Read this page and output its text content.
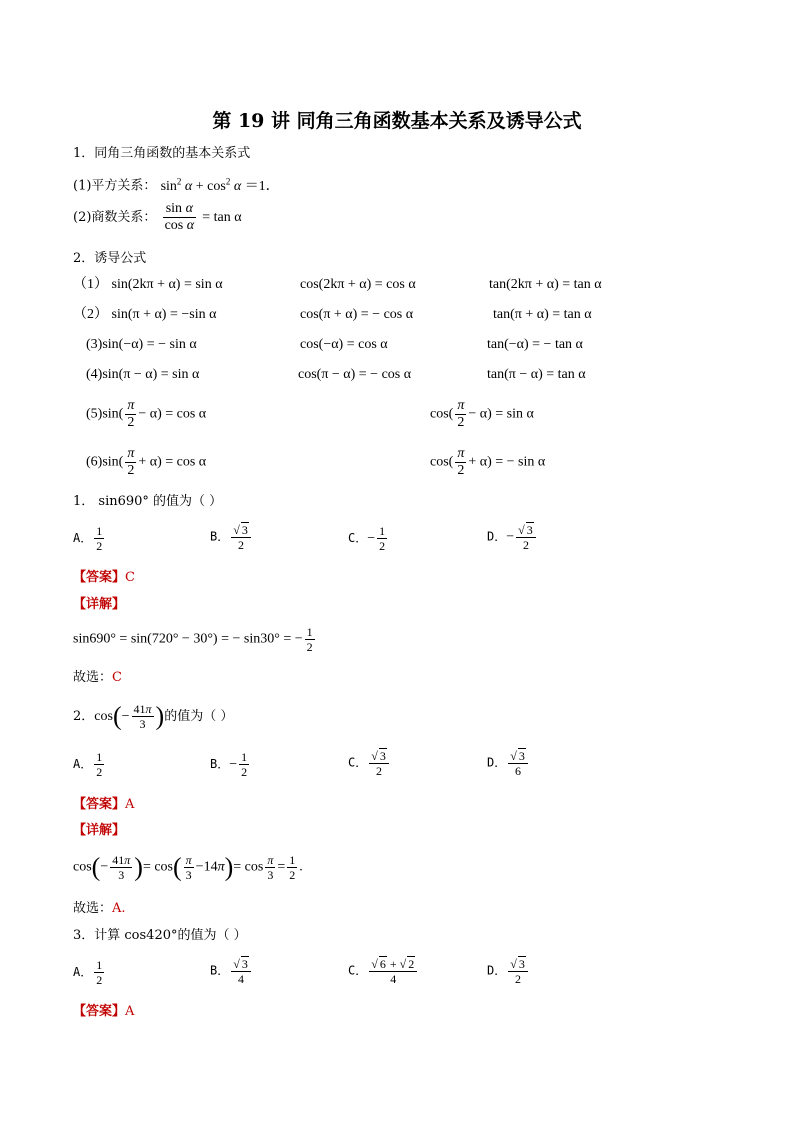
第 19 讲 同角三角函数基本关系及诱导公式
1．同角三角函数的基本关系式
(1)平方关系： $\sin^2 \alpha + \cos^2 \alpha =1$．
(2)商数关系： $\frac{\text{sin α}}{\text{cos α}} = \tan \alpha$
2．诱导公式
（1） sin(2kπ + α) = sin α	cos(2kπ + α) = cos α	tan(2kπ + α) = tan α
（2） sin(π + α) = −sin α	cos(π + α) = − cos α	tan(π + α) = tan α
(3)sin(−α) = − sin α	cos(−α) = cos α	tan(−α) = − tan α
(4)sin(π − α) = sin α	cos(π − α) = − cos α	tan(π − α) = tan α
$(5)\sin( \frac{\pi}{2} - \alpha) = \cos \alpha$	$\cos( \frac{\pi}{2} - \alpha) = \sin \alpha$
$(6)\sin( \frac{\pi}{2} + \alpha) = \cos \alpha$	$\cos( \frac{\pi}{2} + \alpha)$ = − sin α
1． sin690° 的值为（ ）
A． $\frac{1}{2}$	B． $\frac{√ 3}{2}$	C．− $\frac{1}{2}$	D．− $\frac{√ 3}{2}$
【答案】C
【详解】
sin690° = sin(720° − 30°) = − sin30° = − $\frac{1}{2}$
故选：C
2．$\cos(- \frac{41\pi}{3}$ )的值为（ ）
A． $\frac{1}{2}$	B．− $\frac{1}{2}$	C． $\frac{√ 3}{2}$	D． $\frac{√ 3}{6}$
【答案】A
【详解】
$\cos(- \frac{41\pi}{3}$ )= $\cos( \frac{\pi}{3} -14\pi)= \cos \frac{\pi}{3} = \frac{1}{2}$ .
故选：A.
3．计算 cos420°的值为（ ）
A． $\frac{1}{2}$	B． $\frac{√ 3}{4}$	C． $\frac{√ 6 + √ 2}{4}$	D． $\frac{√ 3}{2}$
【答案】A
